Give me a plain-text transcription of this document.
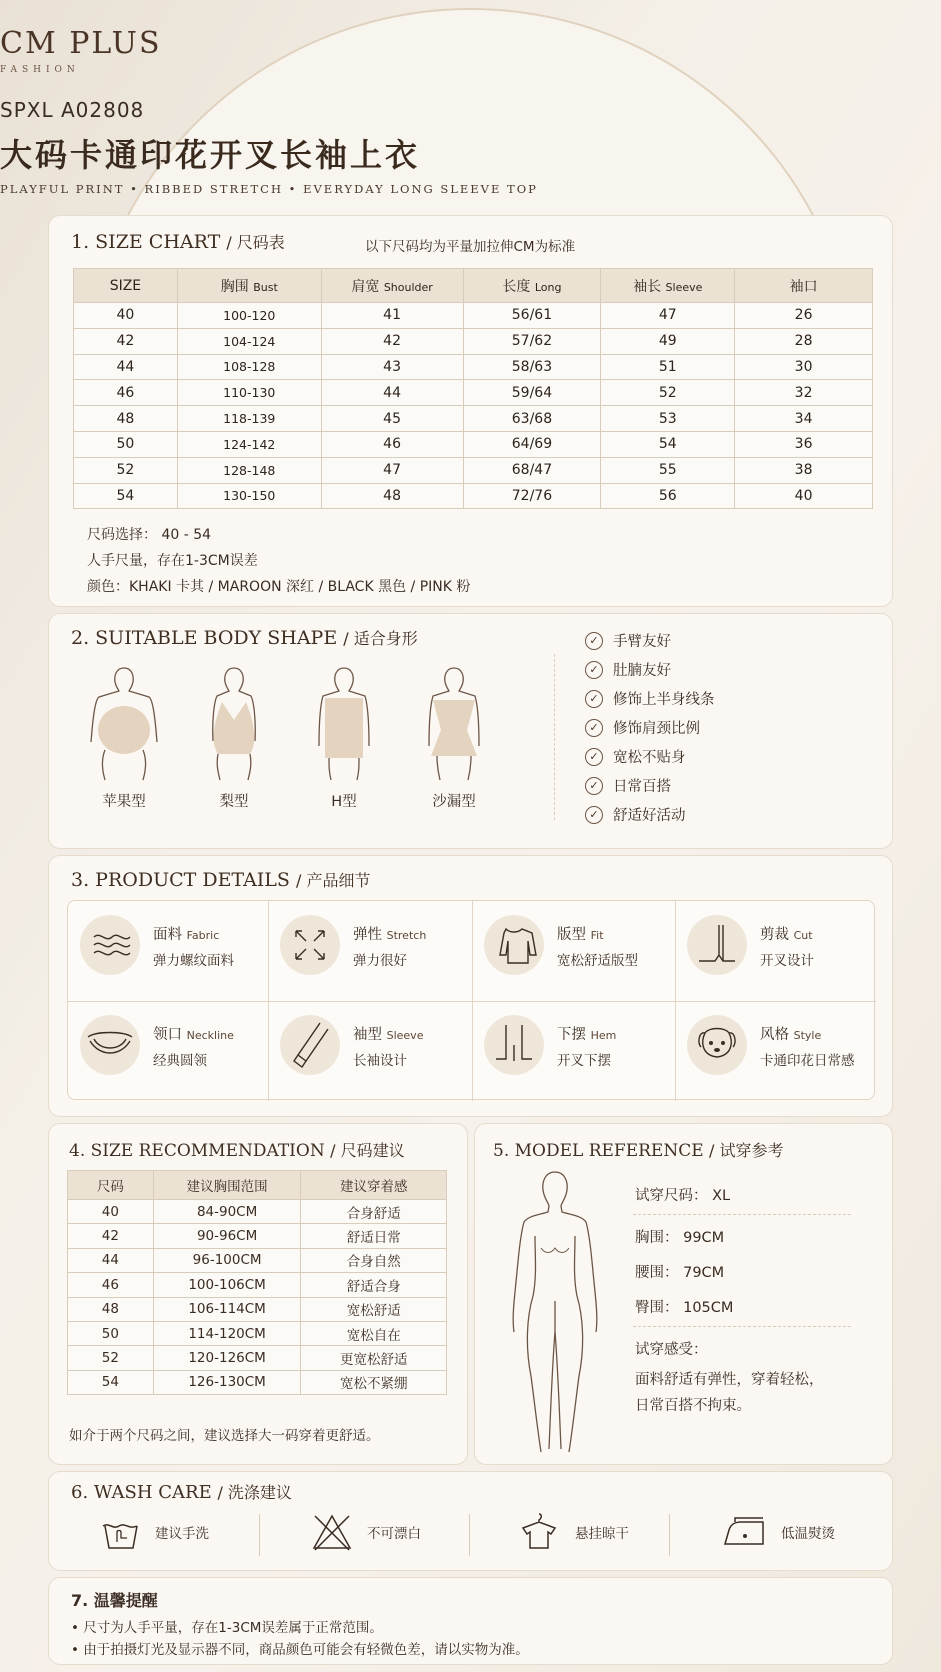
CM PLUS
FASHION
SPXL A02808
大码卡通印花开叉长袖上衣
PLAYFUL PRINT • RIBBED STRETCH • EVERYDAY LONG SLEEVE TOP
1. SIZE CHART / 尺码表	以下尺码均为平量加拉伸CM为标准
SIZE	胸围 Bust	肩宽 Shoulder	长度 Long	袖长 Sleeve	袖口
40	100-120	41	56/61	47	26
42	104-124	42	57/62	49	28
44	108-128	43	58/63	51	30
46	110-130	44	59/64	52	32
48	118-139	45	63/68	53	34
50	124-142	46	64/69	54	36
52	128-148	47	68/47	55	38
54	130-150	48	72/76	56	40
尺码选择： 40 - 54
人手尺量，存在1-3CM误差
颜色：KHAKI 卡其 / MAROON 深红 / BLACK 黑色 / PINK 粉
2. SUITABLE BODY SHAPE / 适合身形
苹果型	梨型	H型	沙漏型
✓ 手臂友好
✓ 肚腩友好
✓ 修饰上半身线条
✓ 修饰肩颈比例
✓ 宽松不贴身
✓ 日常百搭
✓ 舒适好活动
3. PRODUCT DETAILS / 产品细节
面料 Fabric
弹力螺纹面料
弹性 Stretch
弹力很好
版型 Fit
宽松舒适版型
剪裁 Cut
开叉设计
领口 Neckline
经典圆领
袖型 Sleeve
长袖设计
下摆 Hem
开叉下摆
风格 Style
卡通印花日常感
4. SIZE RECOMMENDATION / 尺码建议
尺码	建议胸围范围	建议穿着感
40	84-90CM	合身舒适
42	90-96CM	舒适日常
44	96-100CM	合身自然
46	100-106CM	舒适合身
48	106-114CM	宽松舒适
50	114-120CM	宽松自在
52	120-126CM	更宽松舒适
54	126-130CM	宽松不紧绷
如介于两个尺码之间，建议选择大一码穿着更舒适。
5. MODEL REFERENCE / 试穿参考
试穿尺码： XL
胸围： 99CM
腰围： 79CM
臀围： 105CM
试穿感受：
面料舒适有弹性，穿着轻松，
日常百搭不拘束。
6. WASH CARE / 洗涤建议
建议手洗	不可漂白	悬挂晾干	低温熨烫
7. 温馨提醒
• 尺寸为人手平量，存在1-3CM误差属于正常范围。
• 由于拍摄灯光及显示器不同，商品颜色可能会有轻微色差，请以实物为准。
